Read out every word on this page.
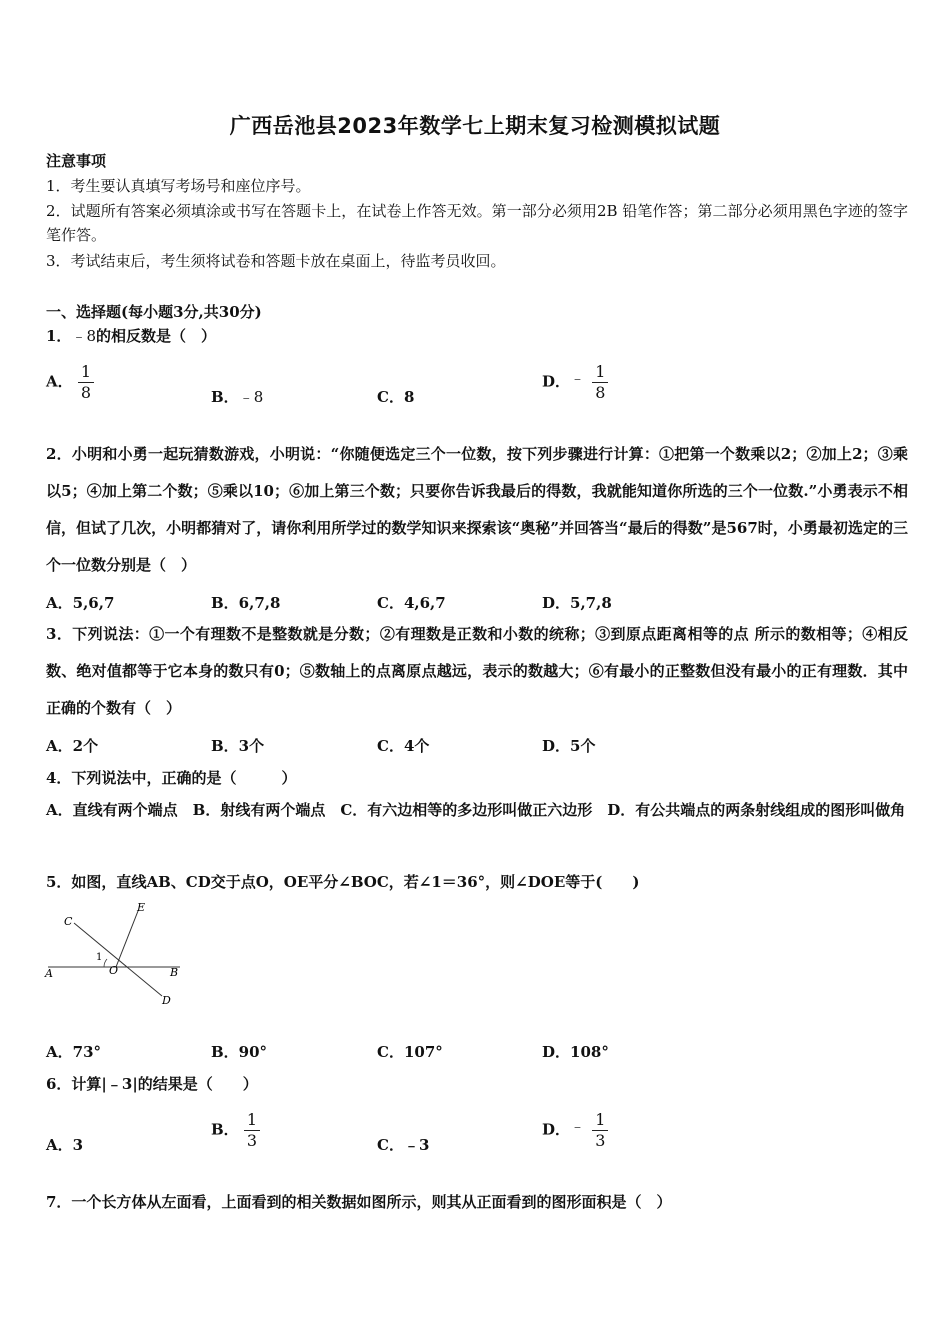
广西岳池县2023年数学七上期末复习检测模拟试题
注意事项
1．考生要认真填写考场号和座位序号。
2．试题所有答案必须填涂或书写在答题卡上，在试卷上作答无效。第一部分必须用2B 铅笔作答；第二部分必须用黑色字迹的签字笔作答。
3．考试结束后，考生须将试卷和答题卡放在桌面上，待监考员收回。
一、选择题(每小题3分,共30分)
1．﹣8的相反数是（　）
A． $\frac{1}{8}$	B．﹣8	C．8
D．﹣ $\frac{1}{8}$
2．小明和小勇一起玩猜数游戏，小明说：“你随便选定三个一位数，按下列步骤进行计算：①把第一个数乘以2；②加上2；③乘以5；④加上第二个数；⑤乘以10；⑥加上第三个数；只要你告诉我最后的得数，我就能知道你所选的三个一位数.”小勇表示不相信，但试了几次，小明都猜对了，请你利用所学过的数学知识来探索该“奥秘”并回答当“最后的得数”是567时，小勇最初选定的三个一位数分别是（　）
A．5,6,7	B．6,7,8	C．4,6,7	D．5,7,8
3．下列说法：①一个有理数不是整数就是分数；②有理数是正数和小数的统称；③到原点距离相等的点 所示的数相等；④相反数、绝对值都等于它本身的数只有0；⑤数轴上的点离原点越远，表示的数越大；⑥有最小的正整数但没有最小的正有理数．其中正确的个数有（　）
A．2个	B．3个	C．4个	D．5个
4．下列说法中，正确的是（　　　）
A．直线有两个端点　B．射线有两个端点　C．有六边相等的多边形叫做正六边形　D．有公共端点的两条射线组成的图形叫做角
5．如图，直线AB、CD交于点O，OE平分∠BOC，若∠1＝36°，则∠DOE等于(　　)
C
E
A	O	B
D
1
A．73°	B．90°	C．107°	D．108°
6．计算|﹣3|的结果是（　　）
A．3
B． $\frac{1}{3}$	C．﹣3
D．﹣ $\frac{1}{3}$
7．一个长方体从左面看，上面看到的相关数据如图所示，则其从正面看到的图形面积是（　）
